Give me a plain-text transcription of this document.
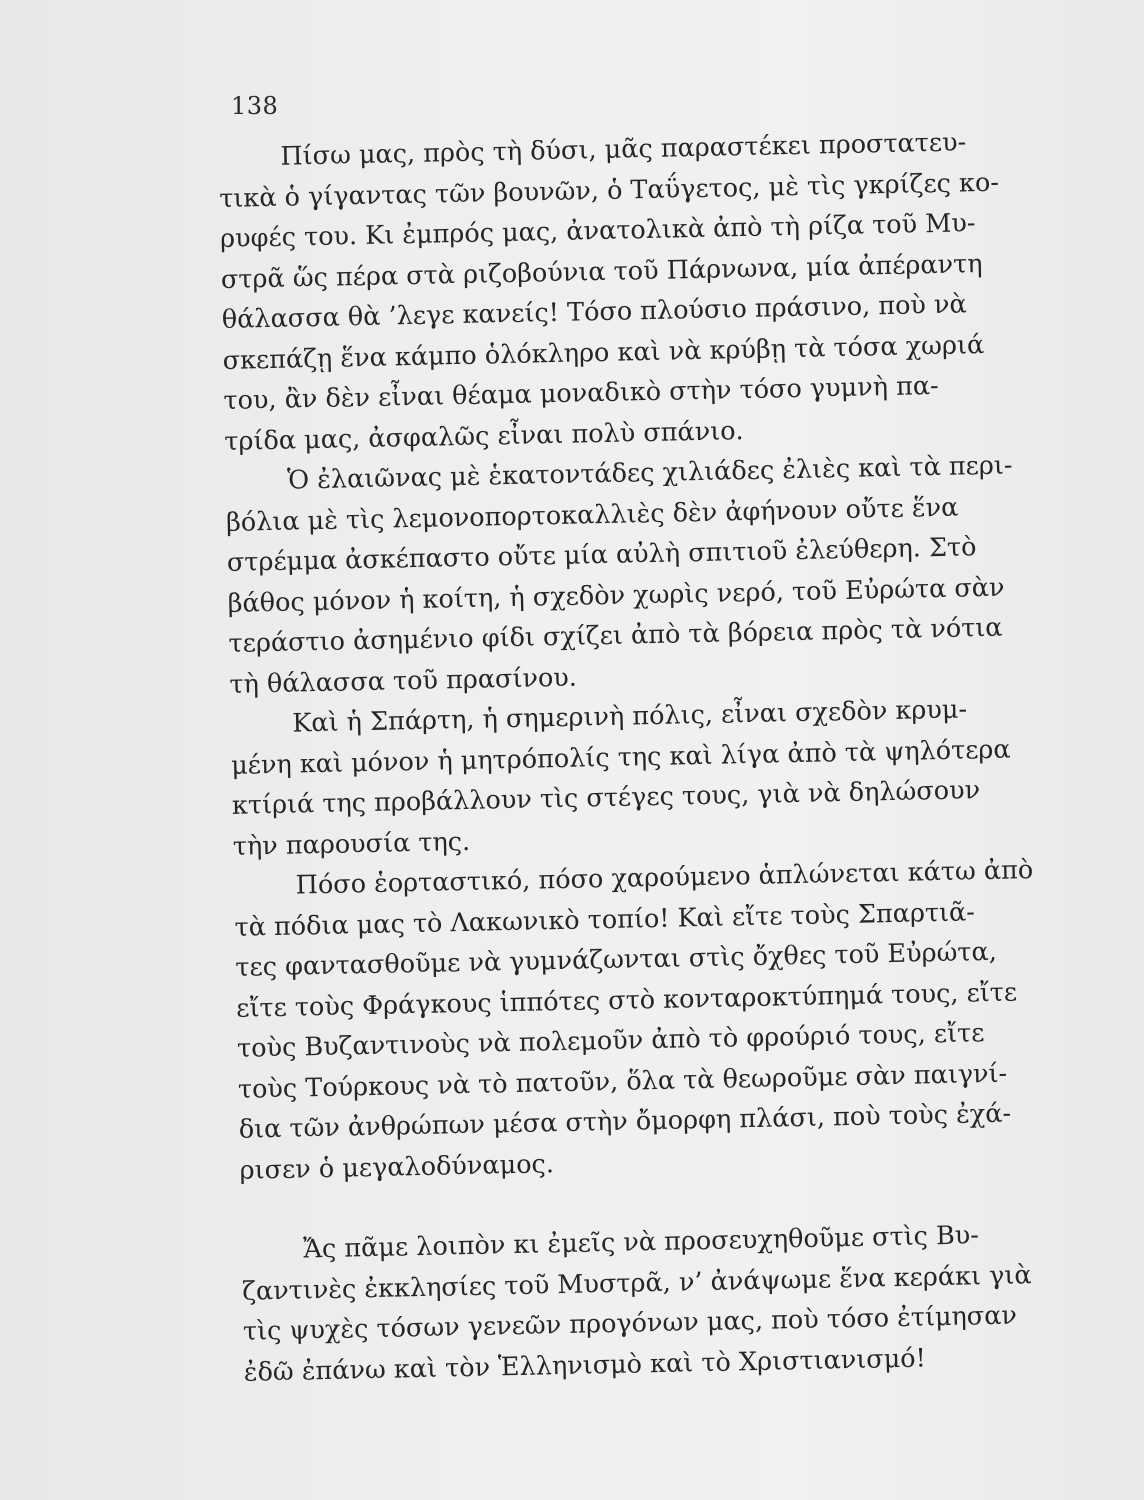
138

Πίσω μας, πρὸς τὴ δύσι, μᾶς παραστέκει προστατευ-
τικὰ ὁ γίγαντας τῶν βουνῶν, ὁ Ταΰγετος, μὲ τὶς γκρίζες κο-
ρυφές του. Κι ἐμπρός μας, ἀνατολικὰ ἀπὸ τὴ ρίζα τοῦ Μυ-
στρᾶ ὥς πέρα στὰ ριζοβούνια τοῦ Πάρνωνα, μία ἀπέραντη
θάλασσα θὰ ’λεγε κανείς! Τόσο πλούσιο πράσινο, ποὺ νὰ
σκεπάζῃ ἕνα κάμπο ὁλόκληρο καὶ νὰ κρύβῃ τὰ τόσα χωριά
του, ἂν δὲν εἶναι θέαμα μοναδικὸ στὴν τόσο γυμνὴ πα-
τρίδα μας, ἀσφαλῶς εἶναι πολὺ σπάνιο.

Ὁ ἐλαιῶνας μὲ ἑκατοντάδες χιλιάδες ἐλιὲς καὶ τὰ περι-
βόλια μὲ τὶς λεμονοπορτοκαλλιὲς δὲν ἀφήνουν οὔτε ἕνα
στρέμμα ἀσκέπαστο οὔτε μία αὐλὴ σπιτιοῦ ἐλεύθερη. Στὸ
βάθος μόνον ἡ κοίτη, ἡ σχεδὸν χωρὶς νερό, τοῦ Εὐρώτα σὰν
τεράστιο ἀσημένιο φίδι σχίζει ἀπὸ τὰ βόρεια πρὸς τὰ νότια
τὴ θάλασσα τοῦ πρασίνου.

Καὶ ἡ Σπάρτη, ἡ σημερινὴ πόλις, εἶναι σχεδὸν κρυμ-
μένη καὶ μόνον ἡ μητρόπολίς της καὶ λίγα ἀπὸ τὰ ψηλότερα
κτίριά της προβάλλουν τὶς στέγες τους, γιὰ νὰ δηλώσουν
τὴν παρουσία της.

Πόσο ἑορταστικό, πόσο χαρούμενο ἁπλώνεται κάτω ἀπὸ
τὰ πόδια μας τὸ Λακωνικὸ τοπίο! Καὶ εἴτε τοὺς Σπαρτιᾶ-
τες φαντασθοῦμε νὰ γυμνάζωνται στὶς ὄχθες τοῦ Εὐρώτα,
εἴτε τοὺς Φράγκους ἱππότες στὸ κονταροκτύπημά τους, εἴτε
τοὺς Βυζαντινοὺς νὰ πολεμοῦν ἀπὸ τὸ φρούριό τους, εἴτε
τοὺς Τούρκους νὰ τὸ πατοῦν, ὅλα τὰ θεωροῦμε σὰν παιγνί-
δια τῶν ἀνθρώπων μέσα στὴν ὄμορφη πλάσι, ποὺ τοὺς ἐχά-
ρισεν ὁ μεγαλοδύναμος.

Ἄς πᾶμε λοιπὸν κι ἐμεῖς νὰ προσευχηθοῦμε στὶς Βυ-
ζαντινὲς ἐκκλησίες τοῦ Μυστρᾶ, ν’ ἀνάψωμε ἕνα κεράκι γιὰ
τὶς ψυχὲς τόσων γενεῶν προγόνων μας, ποὺ τόσο ἐτίμησαν
ἐδῶ ἐπάνω καὶ τὸν Ἑλληνισμὸ καὶ τὸ Χριστιανισμό!
